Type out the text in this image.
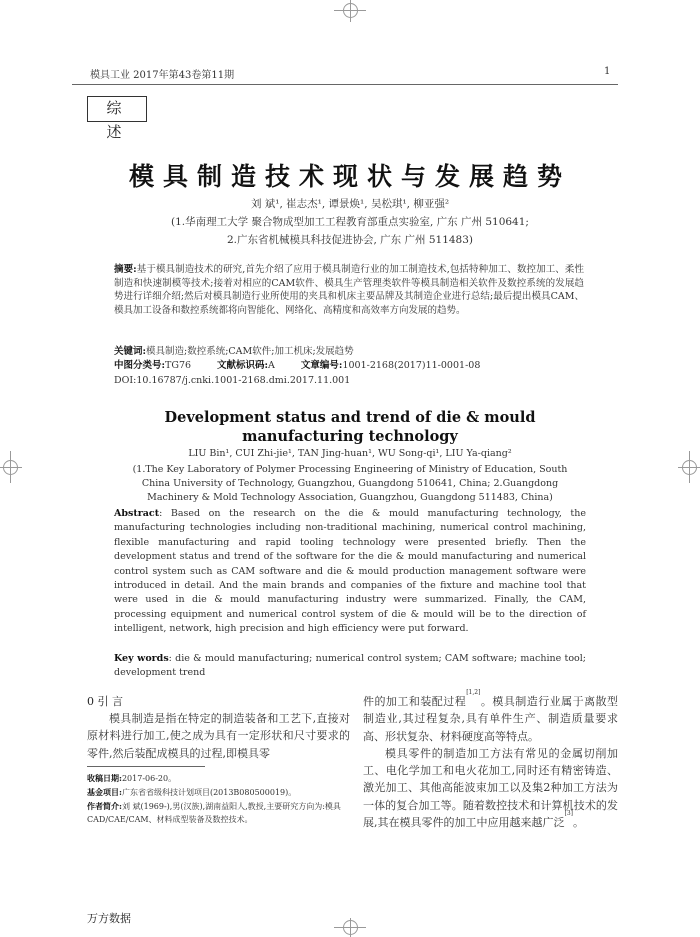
模具工业 2017年第43卷第11期	1
综 述
模具制造技术现状与发展趋势
刘 斌¹, 崔志杰¹, 谭景焕¹, 吴松琪¹, 柳亚强²
(1.华南理工大学 聚合物成型加工工程教育部重点实验室, 广东 广州 510641;
2.广东省机械模具科技促进协会, 广东 广州 511483)
摘要:基于模具制造技术的研究,首先介绍了应用于模具制造行业的加工制造技术,包括特种加工、数控加工、柔性制造和快速制模等技术;接着对相应的CAM软件、模具生产管理类软件等模具制造相关软件及数控系统的发展趋势进行详细介绍;然后对模具制造行业所使用的夹具和机床主要品牌及其制造企业进行总结;最后提出模具CAM、模具加工设备和数控系统都将向智能化、网络化、高精度和高效率方向发展的趋势。
关键词:模具制造;数控系统;CAM软件;加工机床;发展趋势
中图分类号:TG76	文献标识码:A	文章编号:1001-2168(2017)11-0001-08
DOI:10.16787/j.cnki.1001-2168.dmi.2017.11.001
Development status and trend of die & mould
manufacturing technology
LIU Bin¹, CUI Zhi-jie¹, TAN Jing-huan¹, WU Song-qi¹, LIU Ya-qiang²
(1.The Key Laboratory of Polymer Processing Engineering of Ministry of Education, South
China University of Technology, Guangzhou, Guangdong 510641, China; 2.Guangdong
Machinery & Mold Technology Association, Guangzhou, Guangdong 511483, China)
Abstract: Based on the research on the die & mould manufacturing technology, the manufacturing technologies including non-traditional machining, numerical control machining, flexible manufacturing and rapid tooling technology were presented briefly. Then the development status and trend of the software for the die & mould manufacturing and numerical control system such as CAM software and die & mould production management software were introduced in detail. And the main brands and companies of the fixture and machine tool that were used in die & mould manufacturing industry were summarized. Finally, the CAM, processing equipment and numerical control system of die & mould will be to the direction of intelligent, network, high precision and high efficiency were put forward.
Key words: die & mould manufacturing; numerical control system; CAM software; machine tool; development trend
0 引 言
模具制造是指在特定的制造装备和工艺下,直接对原材料进行加工,使之成为具有一定形状和尺寸要求的零件,然后装配成模具的过程,即模具零

件的加工和装配过程[1,2]。模具制造行业属于离散型制造业,其过程复杂,具有单件生产、制造质量要求高、形状复杂、材料硬度高等特点。

模具零件的制造加工方法有常见的金属切削加工、电化学加工和电火花加工,同时还有精密铸造、激光加工、其他高能波束加工以及集2种加工方法为一体的复合加工等。随着数控技术和计算机技术的发展,其在模具零件的加工中应用越来越广泛[3]。

收稿日期:2017-06-20。
基金项目:广东省省级科技计划项目(2013B080500019)。
作者简介:刘 斌(1969-),男(汉族),湖南益阳人,教授,主要研究方向为:模具CAD/CAE/CAM、材料成型装备及数控技术。
万方数据
